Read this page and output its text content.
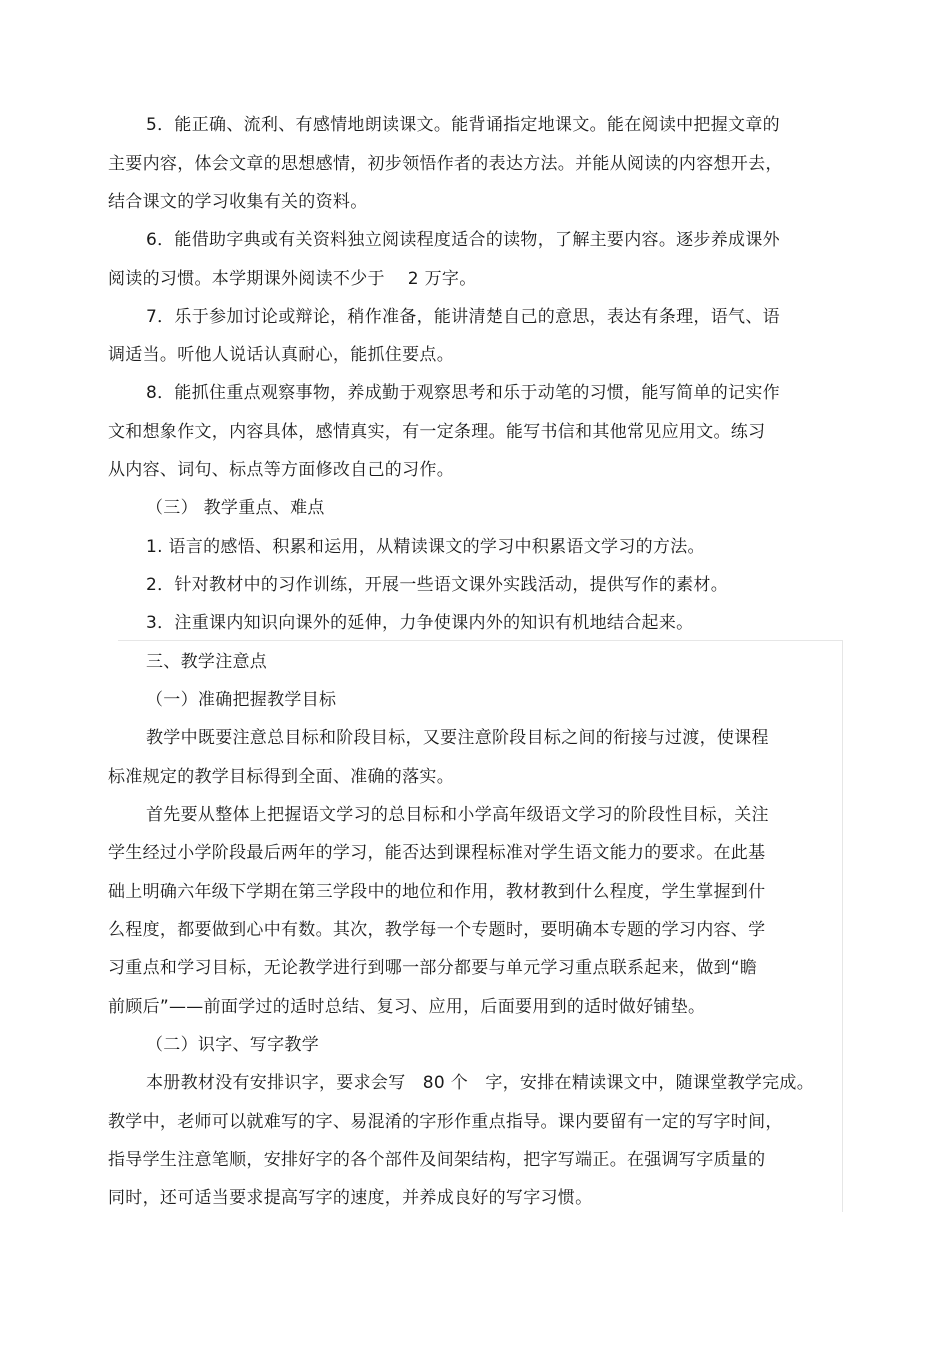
5．能正确、流利、有感情地朗读课文。能背诵指定地课文。能在阅读中把握文章的
主要内容，体会文章的思想感情，初步领悟作者的表达方法。并能从阅读的内容想开去，
结合课文的学习收集有关的资料。
6．能借助字典或有关资料独立阅读程度适合的读物，了解主要内容。逐步养成课外
阅读的习惯。本学期课外阅读不少于　 2 万字。
7．乐于参加讨论或辩论，稍作准备，能讲清楚自己的意思，表达有条理，语气、语
调适当。听他人说话认真耐心，能抓住要点。
8．能抓住重点观察事物，养成勤于观察思考和乐于动笔的习惯，能写简单的记实作
文和想象作文，内容具体，感情真实，有一定条理。能写书信和其他常见应用文。练习
从内容、词句、标点等方面修改自己的习作。
（三） 教学重点、难点
1. 语言的感悟、积累和运用，从精读课文的学习中积累语文学习的方法。
2．针对教材中的习作训练，开展一些语文课外实践活动，提供写作的素材。
3．注重课内知识向课外的延伸，力争使课内外的知识有机地结合起来。
三、教学注意点
（一）准确把握教学目标
教学中既要注意总目标和阶段目标，又要注意阶段目标之间的衔接与过渡，使课程
标准规定的教学目标得到全面、准确的落实。
首先要从整体上把握语文学习的总目标和小学高年级语文学习的阶段性目标，关注
学生经过小学阶段最后两年的学习，能否达到课程标准对学生语文能力的要求。在此基
础上明确六年级下学期在第三学段中的地位和作用，教材教到什么程度，学生掌握到什
么程度，都要做到心中有数。其次，教学每一个专题时，要明确本专题的学习内容、学
习重点和学习目标，无论教学进行到哪一部分都要与单元学习重点联系起来，做到“瞻
前顾后”——前面学过的适时总结、复习、应用，后面要用到的适时做好铺垫。
（二）识字、写字教学
本册教材没有安排识字，要求会写　80 个　字，安排在精读课文中，随课堂教学完成。
教学中，老师可以就难写的字、易混淆的字形作重点指导。课内要留有一定的写字时间，
指导学生注意笔顺，安排好字的各个部件及间架结构，把字写端正。在强调写字质量的
同时，还可适当要求提高写字的速度，并养成良好的写字习惯。
